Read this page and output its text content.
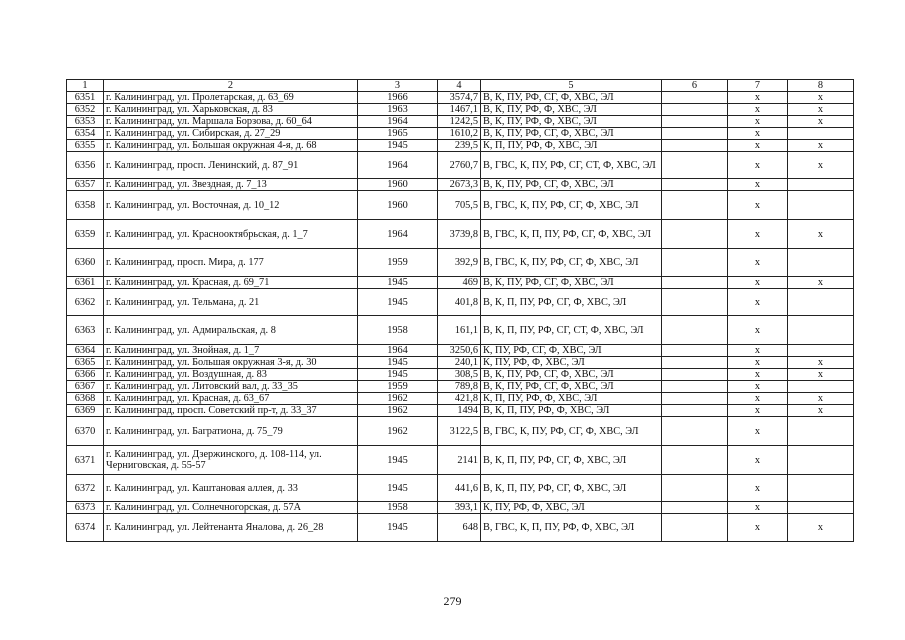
1	2	3	4	5	6	7	8
6351	г. Калининград, ул. Пролетарская, д. 63_69	1966	3574,7	В, К, ПУ, РФ, СГ, Ф, ХВС, ЭЛ		х	х
6352	г. Калининград, ул. Харьковская, д. 83	1963	1467,1	В, К, ПУ, РФ, Ф, ХВС, ЭЛ		х	х
6353	г. Калининград, ул. Маршала Борзова, д. 60_64	1964	1242,5	В, К, ПУ, РФ, Ф, ХВС, ЭЛ		х	х
6354	г. Калининград, ул. Сибирская, д. 27_29	1965	1610,2	В, К, ПУ, РФ, СГ, Ф, ХВС, ЭЛ		х	
6355	г. Калининград, ул. Большая окружная 4-я, д. 68	1945	239,5	К, П, ПУ, РФ, Ф, ХВС, ЭЛ		х	х
6356	г. Калининград, просп. Ленинский, д. 87_91	1964	2760,7	В, ГВС, К, ПУ, РФ, СГ, СТ, Ф, ХВС, ЭЛ		х	х
6357	г. Калининград, ул. Звездная, д. 7_13	1960	2673,3	В, К, ПУ, РФ, СГ, Ф, ХВС, ЭЛ		х	
6358	г. Калининград, ул. Восточная, д. 10_12	1960	705,5	В, ГВС, К, ПУ, РФ, СГ, Ф, ХВС, ЭЛ		х	
6359	г. Калининград, ул. Краснооктябрьская, д. 1_7	1964	3739,8	В, ГВС, К, П, ПУ, РФ, СГ, Ф, ХВС, ЭЛ		х	х
6360	г. Калининград, просп. Мира, д. 177	1959	392,9	В, ГВС, К, ПУ, РФ, СГ, Ф, ХВС, ЭЛ		х	
6361	г. Калининград, ул. Красная, д. 69_71	1945	469	В, К, ПУ, РФ, СГ, Ф, ХВС, ЭЛ		х	х
6362	г. Калининград, ул. Тельмана, д. 21	1945	401,8	В, К, П, ПУ, РФ, СГ, Ф, ХВС, ЭЛ		х	
6363	г. Калининград, ул. Адмиральская, д. 8	1958	161,1	В, К, П, ПУ, РФ, СГ, СТ, Ф, ХВС, ЭЛ		х	
6364	г. Калининград, ул. Знойная, д. 1_7	1964	3250,6	К, ПУ, РФ, СГ, Ф, ХВС, ЭЛ		х	
6365	г. Калининград, ул. Большая окружная 3-я, д. 30	1945	240,1	К, ПУ, РФ, Ф, ХВС, ЭЛ		х	х
6366	г. Калининград, ул. Воздушная, д. 83	1945	308,5	В, К, ПУ, РФ, СГ, Ф, ХВС, ЭЛ		х	х
6367	г. Калининград, ул. Литовский вал, д. 33_35	1959	789,8	В, К, ПУ, РФ, СГ, Ф, ХВС, ЭЛ		х	
6368	г. Калининград, ул. Красная, д. 63_67	1962	421,8	К, П, ПУ, РФ, Ф, ХВС, ЭЛ		х	х
6369	г. Калининград, просп. Советский пр-т, д. 33_37	1962	1494	В, К, П, ПУ, РФ, Ф, ХВС, ЭЛ		х	х
6370	г. Калининград, ул. Багратиона, д. 75_79	1962	3122,5	В, ГВС, К, ПУ, РФ, СГ, Ф, ХВС, ЭЛ		х	
6371	г. Калининград, ул. Дзержинского, д. 108-114, ул. Черниговская, д. 55-57	1945	2141	В, К, П, ПУ, РФ, СГ, Ф, ХВС, ЭЛ		х	
6372	г. Калининград, ул. Каштановая аллея, д. 33	1945	441,6	В, К, П, ПУ, РФ, СГ, Ф, ХВС, ЭЛ		х	
6373	г. Калининград, ул. Солнечногорская, д. 57А	1958	393,1	К, ПУ, РФ, Ф, ХВС, ЭЛ		х	
6374	г. Калининград, ул. Лейтенанта Яналова, д. 26_28	1945	648	В, ГВС, К, П, ПУ, РФ, Ф, ХВС, ЭЛ		х	х
279
